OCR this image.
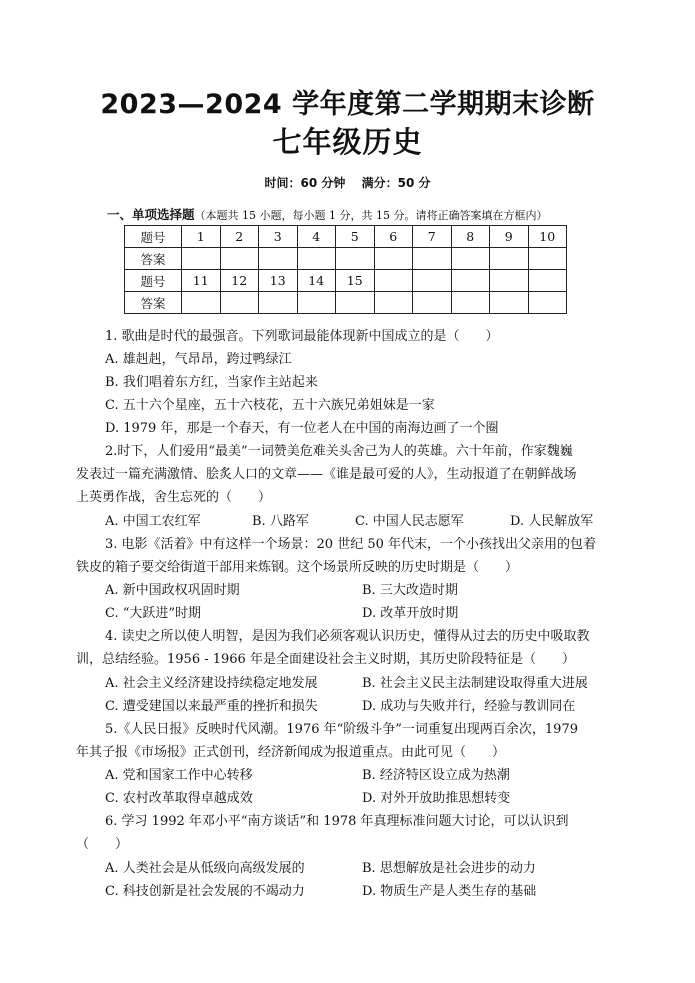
2023—2024 学年度第二学期期末诊断
七年级历史
时间：60 分钟 满分：50 分
一、单项选择题（本题共 15 小题，每小题 1 分，共 15 分。请将正确答案填在方框内）
题号	1	2	3	4	5	6	7	8	9	10
答案										
题号	11	12	13	14	15					
答案										
1. 歌曲是时代的最强音。下列歌词最能体现新中国成立的是（　　）
A. 雄赳赳，气昂昂，跨过鸭绿江
B. 我们唱着东方红，当家作主站起来
C. 五十六个星座，五十六枝花，五十六族兄弟姐妹是一家
D. 1979 年，那是一个春天，有一位老人在中国的南海边画了一个圈
2.时下，人们爱用“最美”一词赞美危难关头舍己为人的英雄。六十年前，作家魏巍
发表过一篇充满激情、脍炙人口的文章——《谁是最可爱的人》，生动报道了在朝鲜战场
上英勇作战，舍生忘死的（　　）
A. 中国工农红军	B. 八路军	C. 中国人民志愿军	D. 人民解放军
3. 电影《活着》中有这样一个场景：20 世纪 50 年代末，一个小孩找出父亲用的包着
铁皮的箱子要交给街道干部用来炼钢。这个场景所反映的历史时期是（　　）
A. 新中国政权巩固时期	B. 三大改造时期
C. “大跃进”时期	D. 改革开放时期
4. 读史之所以使人明智，是因为我们必须客观认识历史，懂得从过去的历史中吸取教
训，总结经验。1956 - 1966 年是全面建设社会主义时期，其历史阶段特征是（　　）
A. 社会主义经济建设持续稳定地发展	B. 社会主义民主法制建设取得重大进展
C. 遭受建国以来最严重的挫折和损失	D. 成功与失败并行，经验与教训同在
5.《人民日报》反映时代风潮。1976 年“阶级斗争”一词重复出现两百余次，1979
年其子报《市场报》正式创刊，经济新闻成为报道重点。由此可见（　　）
A. 党和国家工作中心转移	B. 经济特区设立成为热潮
C. 农村改革取得卓越成效	D. 对外开放助推思想转变
6. 学习 1992 年邓小平“南方谈话”和 1978 年真理标准问题大讨论，可以认识到
（　　）
A. 人类社会是从低级向高级发展的	B. 思想解放是社会进步的动力
C. 科技创新是社会发展的不竭动力	D. 物质生产是人类生存的基础
